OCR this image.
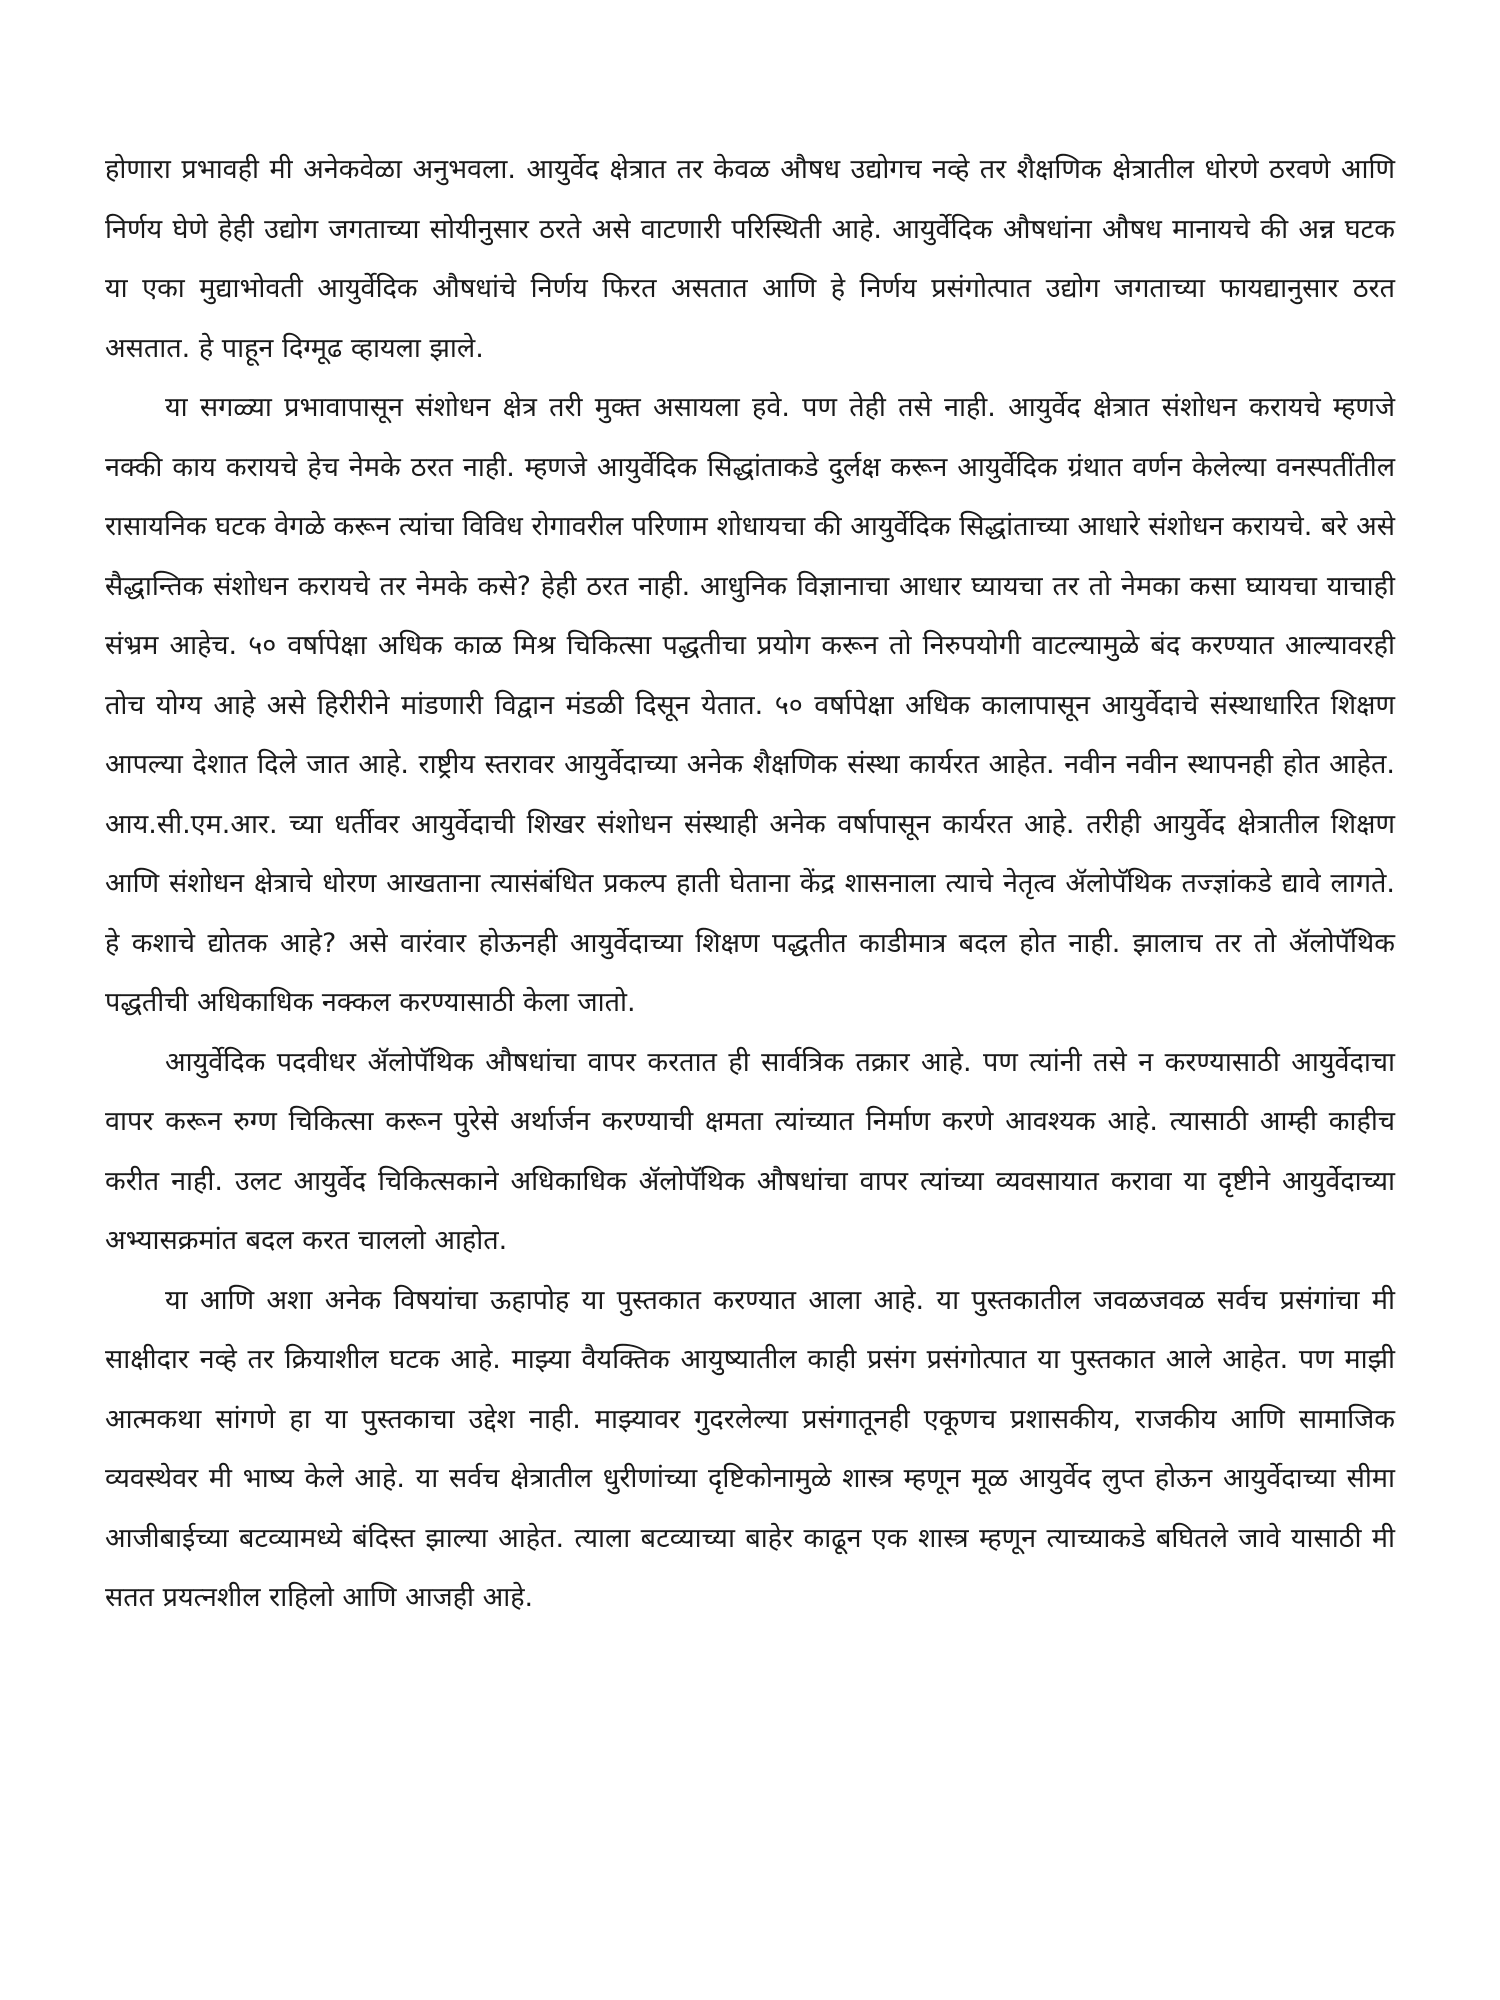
होणारा प्रभावही मी अनेकवेळा अनुभवला. आयुर्वेद क्षेत्रात तर केवळ औषध उद्योगच नव्हे तर शैक्षणिक क्षेत्रातील धोरणे ठरवणे आणि निर्णय घेणे हेही उद्योग जगताच्या सोयीनुसार ठरते असे वाटणारी परिस्थिती आहे. आयुर्वेदिक औषधांना औषध मानायचे की अन्न घटक या एका मुद्याभोवती आयुर्वेदिक औषधांचे निर्णय फिरत असतात आणि हे निर्णय प्रसंगोत्पात उद्योग जगताच्या फायद्यानुसार ठरत असतात. हे पाहून दिग्मूढ व्हायला झाले.

या सगळ्या प्रभावापासून संशोधन क्षेत्र तरी मुक्त असायला हवे. पण तेही तसे नाही. आयुर्वेद क्षेत्रात संशोधन करायचे म्हणजे नक्की काय करायचे हेच नेमके ठरत नाही. म्हणजे आयुर्वेदिक सिद्धांताकडे दुर्लक्ष करून आयुर्वेदिक ग्रंथात वर्णन केलेल्या वनस्पतींतील रासायनिक घटक वेगळे करून त्यांचा विविध रोगावरील परिणाम शोधायचा की आयुर्वेदिक सिद्धांताच्या आधारे संशोधन करायचे. बरे असे सैद्धान्तिक संशोधन करायचे तर नेमके कसे? हेही ठरत नाही. आधुनिक विज्ञानाचा आधार घ्यायचा तर तो नेमका कसा घ्यायचा याचाही संभ्रम आहेच. ५० वर्षापेक्षा अधिक काळ मिश्र चिकित्सा पद्धतीचा प्रयोग करून तो निरुपयोगी वाटल्यामुळे बंद करण्यात आल्यावरही तोच योग्य आहे असे हिरीरीने मांडणारी विद्वान मंडळी दिसून येतात. ५० वर्षापेक्षा अधिक कालापासून आयुर्वेदाचे संस्थाधारित शिक्षण आपल्या देशात दिले जात आहे. राष्ट्रीय स्तरावर आयुर्वेदाच्या अनेक शैक्षणिक संस्था कार्यरत आहेत. नवीन नवीन स्थापनही होत आहेत. आय.सी.एम.आर. च्या धर्तीवर आयुर्वेदाची शिखर संशोधन संस्थाही अनेक वर्षापासून कार्यरत आहे. तरीही आयुर्वेद क्षेत्रातील शिक्षण आणि संशोधन क्षेत्राचे धोरण आखताना त्यासंबंधित प्रकल्प हाती घेताना केंद्र शासनाला त्याचे नेतृत्व ॲलोपॅथिक तज्ज्ञांकडे द्यावे लागते. हे कशाचे द्योतक आहे? असे वारंवार होऊनही आयुर्वेदाच्या शिक्षण पद्धतीत काडीमात्र बदल होत नाही. झालाच तर तो ॲलोपॅथिक पद्धतीची अधिकाधिक नक्कल करण्यासाठी केला जातो.

आयुर्वेदिक पदवीधर ॲलोपॅथिक औषधांचा वापर करतात ही सार्वत्रिक तक्रार आहे. पण त्यांनी तसे न करण्यासाठी आयुर्वेदाचा वापर करून रुग्ण चिकित्सा करून पुरेसे अर्थार्जन करण्याची क्षमता त्यांच्यात निर्माण करणे आवश्यक आहे. त्यासाठी आम्ही काहीच करीत नाही. उलट आयुर्वेद चिकित्सकाने अधिकाधिक ॲलोपॅथिक औषधांचा वापर त्यांच्या व्यवसायात करावा या दृष्टीने आयुर्वेदाच्या अभ्यासक्रमांत बदल करत चाललो आहोत.

या आणि अशा अनेक विषयांचा ऊहापोह या पुस्तकात करण्यात आला आहे. या पुस्तकातील जवळजवळ सर्वच प्रसंगांचा मी साक्षीदार नव्हे तर क्रियाशील घटक आहे. माझ्या वैयक्तिक आयुष्यातील काही प्रसंग प्रसंगोत्पात या पुस्तकात आले आहेत. पण माझी आत्मकथा सांगणे हा या पुस्तकाचा उद्देश नाही. माझ्यावर गुदरलेल्या प्रसंगातूनही एकूणच प्रशासकीय, राजकीय आणि सामाजिक व्यवस्थेवर मी भाष्य केले आहे. या सर्वच क्षेत्रातील धुरीणांच्या दृष्टिकोनामुळे शास्त्र म्हणून मूळ आयुर्वेद लुप्त होऊन आयुर्वेदाच्या सीमा आजीबाईच्या बटव्यामध्ये बंदिस्त झाल्या आहेत. त्याला बटव्याच्या बाहेर काढून एक शास्त्र म्हणून त्याच्याकडे बघितले जावे यासाठी मी सतत प्रयत्नशील राहिलो आणि आजही आहे.
